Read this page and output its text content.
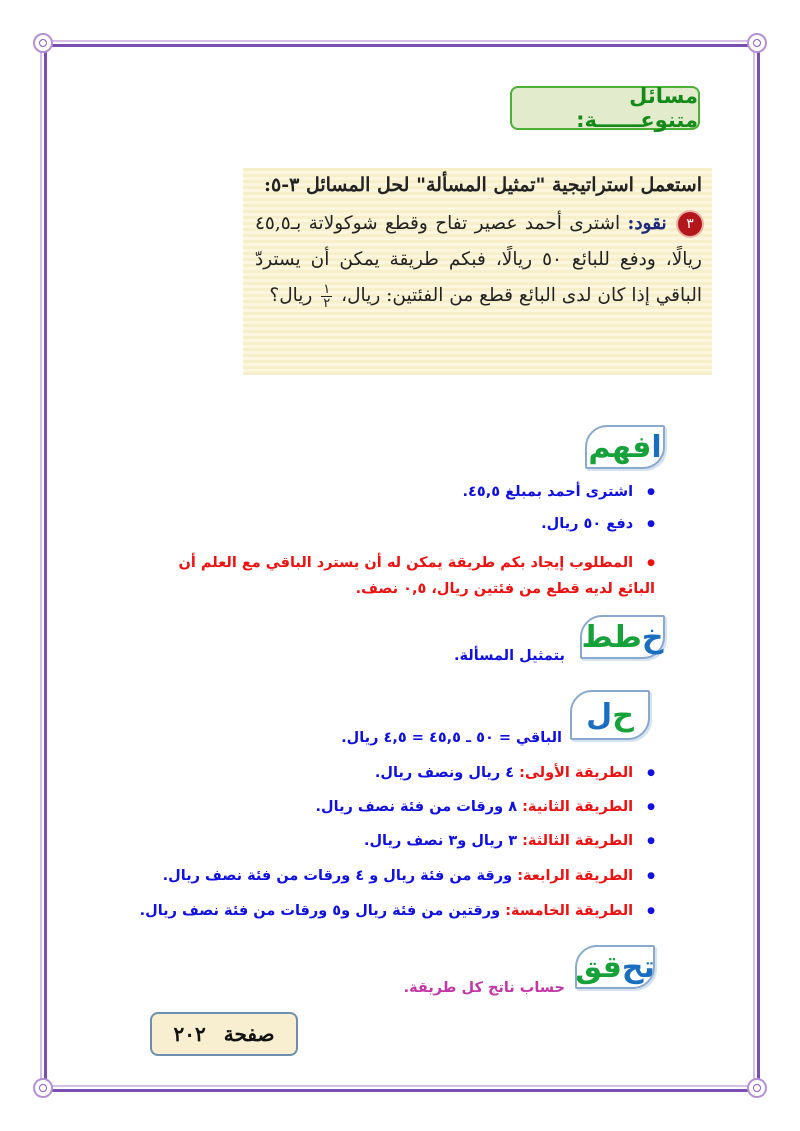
مسائل متنوعــــــة:
استعمل استراتيجية "تمثيل المسألة" لحل المسائل ٣-٥:
٣ نقود: اشترى أحمد عصير تفاح وقطع شوكولاتة بـ٤٥,٥ ريالًا، ودفع للبائع ٥٠ ريالًا، فبكم طريقة يمكن أن يستردّ الباقي إذا كان لدى البائع قطع من الفئتين: ريال،
$\frac{١}{٢}$
ريال؟
ا
فهم
● اشترى أحمد بمبلغ ٤٥,٥.
● دفع ٥٠ ريال.
● المطلوب إيجاد بكم طريقة يمكن له أن يسترد الباقي مع العلم أن البائع لديه قطع من فئتين ريال، ٠,٥ نصف.
خ
طط
بتمثيل المسألة.
ح
ل
الباقي = ٥٠ ـ ٤٥,٥ = ٤,٥ ريال.
● الطريقة الأولى: ٤ ريال ونصف ريال.
● الطريقة الثانية: ٨ ورقات من فئة نصف ريال.
● الطريقة الثالثة: ٣ ريال و٣ نصف ريال.
● الطريقة الرابعة: ورقة من فئة ريال و ٤ ورقات من فئة نصف ريال.
● الطريقة الخامسة: ورقتين من فئة ريال و٥ ورقات من فئة نصف ريال.
تح
قق
حساب ناتج كل طريقة.
صفحة
٢٠٢
